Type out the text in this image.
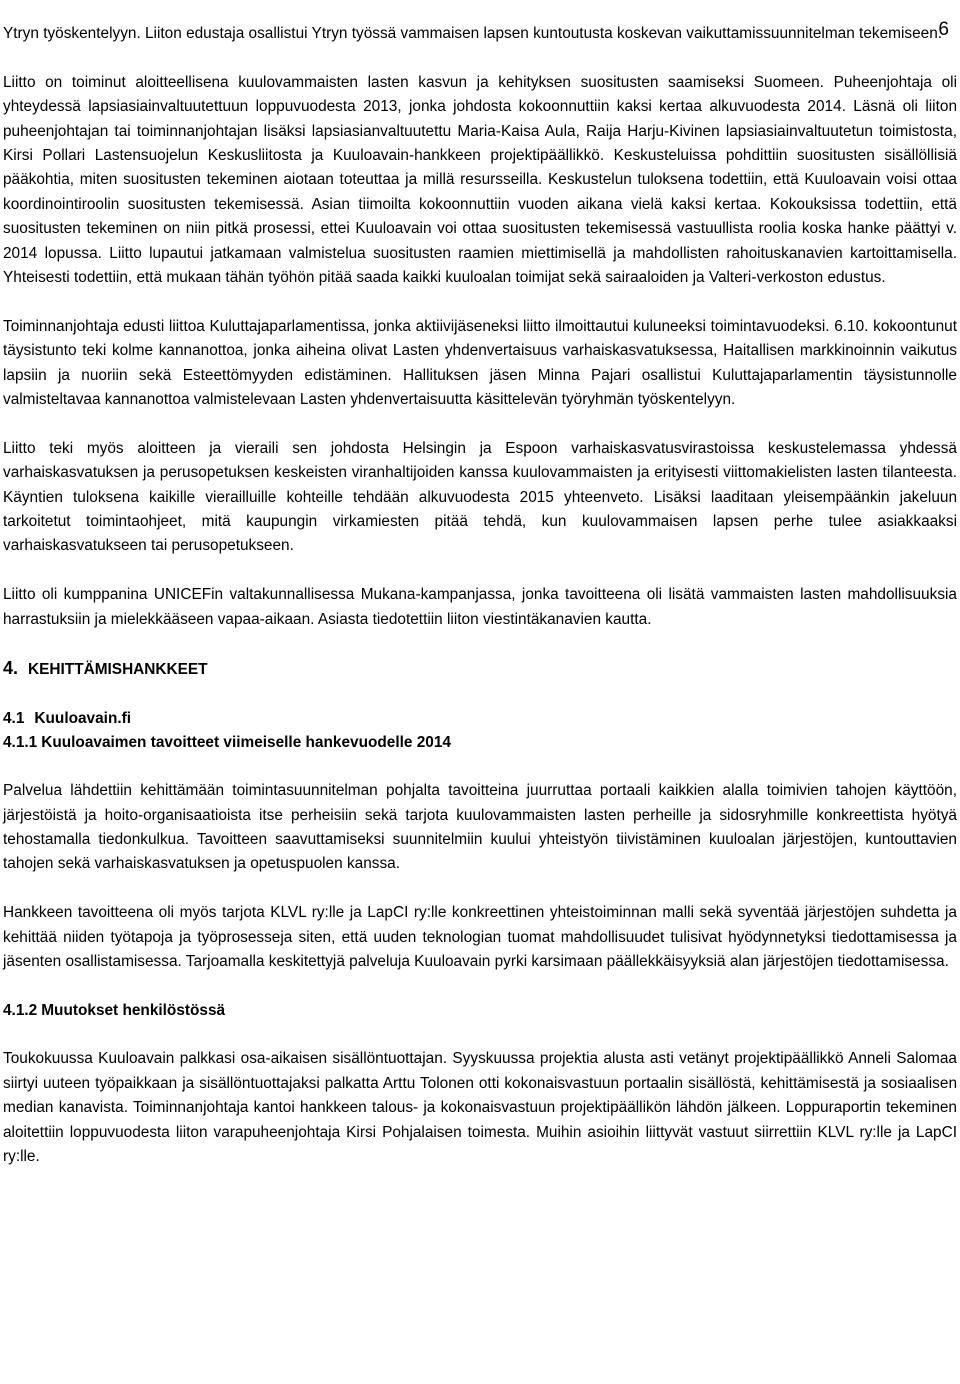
6

Ytryn työskentelyyn. Liiton edustaja osallistui Ytryn työssä vammaisen lapsen kuntoutusta koskevan vaikuttamissuunnitelman tekemiseen.

Liitto on toiminut aloitteellisena kuulovammaisten lasten kasvun ja kehityksen suositusten saamiseksi Suomeen. Puheenjohtaja oli yhteydessä lapsiasiainvaltuutettuun loppuvuodesta 2013, jonka johdosta kokoonnuttiin kaksi kertaa alkuvuodesta 2014. Läsnä oli liiton puheenjohtajan tai toiminnanjohtajan lisäksi lapsiasianvaltuutettu Maria-Kaisa Aula, Raija Harju-Kivinen lapsiasiainvaltuutetun toimistosta, Kirsi Pollari Lastensuojelun Keskusliitosta ja Kuuloavain-hankkeen projektipäällikkö. Keskusteluissa pohdittiin suositusten sisällöllisiä pääkohtia, miten suositusten tekeminen aiotaan toteuttaa ja millä resursseilla. Keskustelun tuloksena todettiin, että Kuuloavain voisi ottaa koordinointiroolin suositusten tekemisessä. Asian tiimoilta kokoonnuttiin vuoden aikana vielä kaksi kertaa. Kokouksissa todettiin, että suositusten tekeminen on niin pitkä prosessi, ettei Kuuloavain voi ottaa suositusten tekemisessä vastuullista roolia koska hanke päättyi v. 2014 lopussa. Liitto lupautui jatkamaan valmistelua suositusten raamien miettimisellä ja mahdollisten rahoituskanavien kartoittamisella. Yhteisesti todettiin, että mukaan tähän työhön pitää saada kaikki kuuloalan toimijat sekä sairaaloiden ja Valteri-verkoston edustus.

Toiminnanjohtaja edusti liittoa Kuluttajaparlamentissa, jonka aktiivijäseneksi liitto ilmoittautui kuluneeksi toimintavuodeksi. 6.10. kokoontunut täysistunto teki kolme kannanottoa, jonka aiheina olivat Lasten yhdenvertaisuus varhaiskasvatuksessa, Haitallisen markkinoinnin vaikutus lapsiin ja nuoriin sekä Esteettömyyden edistäminen. Hallituksen jäsen Minna Pajari osallistui Kuluttajaparlamentin täysistunnolle valmisteltavaa kannanottoa valmistelevaan Lasten yhdenvertaisuutta käsittelevän työryhmän työskentelyyn.

Liitto teki myös aloitteen ja vieraili sen johdosta Helsingin ja Espoon varhaiskasvatusvirastoissa keskustelemassa yhdessä varhaiskasvatuksen ja perusopetuksen keskeisten viranhaltijoiden kanssa kuulovammaisten ja erityisesti viittomakielisten lasten tilanteesta. Käyntien tuloksena kaikille vierailluille kohteille tehdään alkuvuodesta 2015 yhteenveto. Lisäksi laaditaan yleisempäänkin jakeluun tarkoitetut toimintaohjeet, mitä kaupungin virkamiesten pitää tehdä, kun kuulovammaisen lapsen perhe tulee asiakkaaksi varhaiskasvatukseen tai perusopetukseen.

Liitto oli kumppanina UNICEFin valtakunnallisessa Mukana-kampanjassa, jonka tavoitteena oli lisätä vammaisten lasten mahdollisuuksia harrastuksiin ja mielekkääseen vapaa-aikaan. Asiasta tiedotettiin liiton viestintäkanavien kautta.

4. KEHITTÄMISHANKKEET
4.1 Kuuloavain.fi
4.1.1 Kuuloavaimen tavoitteet viimeiselle hankevuodelle 2014

Palvelua lähdettiin kehittämään toimintasuunnitelman pohjalta tavoitteina juurruttaa portaali kaikkien alalla toimivien tahojen käyttöön, järjestöistä ja hoito-organisaatioista itse perheisiin sekä tarjota kuulovammaisten lasten perheille ja sidosryhmille konkreettista hyötyä tehostamalla tiedonkulkua. Tavoitteen saavuttamiseksi suunnitelmiin kuului yhteistyön tiivistäminen kuuloalan järjestöjen, kuntouttavien tahojen sekä varhaiskasvatuksen ja opetuspuolen kanssa.

Hankkeen tavoitteena oli myös tarjota KLVL ry:lle ja LapCI ry:lle konkreettinen yhteistoiminnan malli sekä syventää järjestöjen suhdetta ja kehittää niiden työtapoja ja työprosesseja siten, että uuden teknologian tuomat mahdollisuudet tulisivat hyödynnetyksi tiedottamisessa ja jäsenten osallistamisessa. Tarjoamalla keskitettyjä palveluja Kuuloavain pyrki karsimaan päällekkäisyyksiä alan järjestöjen tiedottamisessa.

4.1.2 Muutokset henkilöstössä

Toukokuussa Kuuloavain palkkasi osa-aikaisen sisällöntuottajan. Syyskuussa projektia alusta asti vetänyt projektipäällikkö Anneli Salomaa siirtyi uuteen työpaikkaan ja sisällöntuottajaksi palkatta Arttu Tolonen otti kokonaisvastuun portaalin sisällöstä, kehittämisestä ja sosiaalisen median kanavista. Toiminnanjohtaja kantoi hankkeen talous- ja kokonaisvastuun projektipäällikön lähdön jälkeen. Loppuraportin tekeminen aloitettiin loppuvuodesta liiton varapuheenjohtaja Kirsi Pohjalaisen toimesta. Muihin asioihin liittyvät vastuut siirrettiin KLVL ry:lle ja LapCI ry:lle.
